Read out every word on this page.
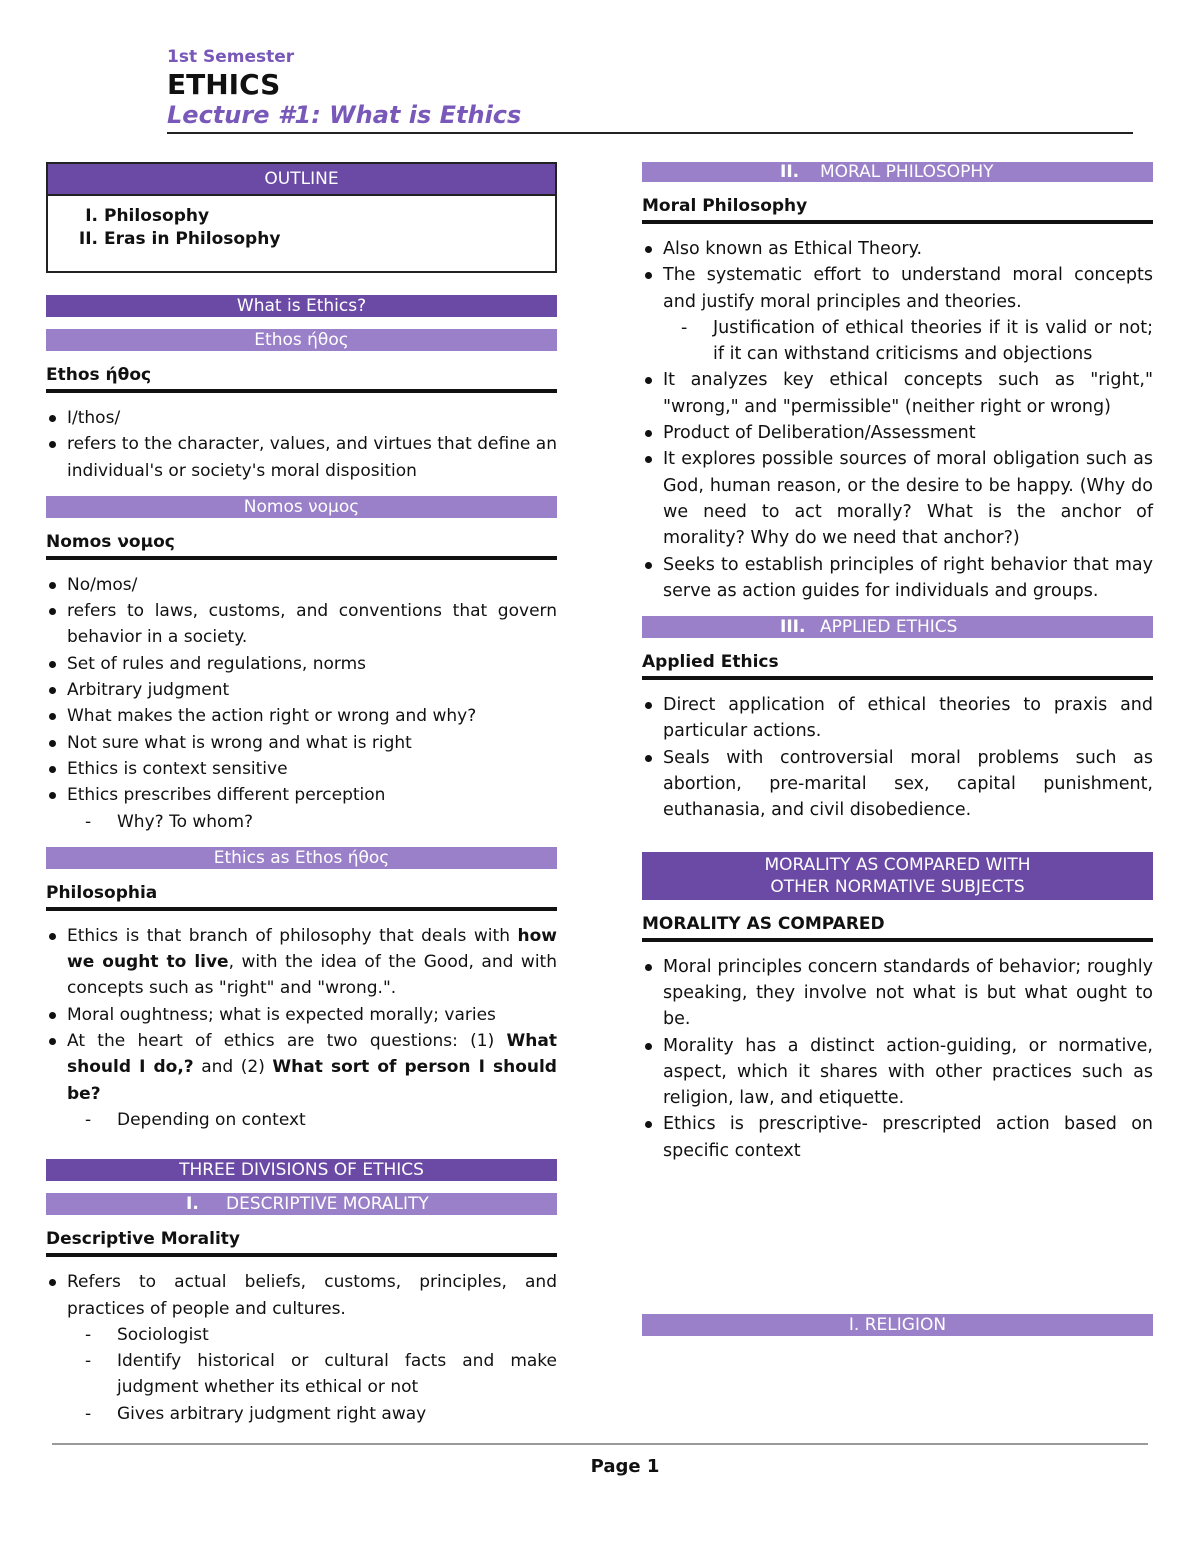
1st Semester
ETHICS
Lecture #1: What is Ethics
OUTLINE
I. Philosophy
II. Eras in Philosophy
What is Ethics?
Ethos ήθος
Ethos ήθος
I/thos/
refers to the character, values, and virtues that define an individual's or society's moral disposition
Nomos νομος
Nomos νομος
No/mos/
refers to laws, customs, and conventions that govern behavior in a society.
Set of rules and regulations, norms
Arbitrary judgment
What makes the action right or wrong and why?
Not sure what is wrong and what is right
Ethics is context sensitive
Ethics prescribes different perception
- Why? To whom?
Ethics as Ethos ήθος
Philosophia
Ethics is that branch of philosophy that deals with how we ought to live, with the idea of the Good, and with concepts such as "right" and "wrong.".
Moral oughtness; what is expected morally; varies
At the heart of ethics are two questions: (1) What should I do,? and (2) What sort of person I should be?
- Depending on context
THREE DIVISIONS OF ETHICS
I. DESCRIPTIVE MORALITY
Descriptive Morality
Refers to actual beliefs, customs, principles, and practices of people and cultures.
- Sociologist
- Identify historical or cultural facts and make judgment whether its ethical or not
- Gives arbitrary judgment right away
II. MORAL PHILOSOPHY
Moral Philosophy
Also known as Ethical Theory.
The systematic effort to understand moral concepts and justify moral principles and theories.
- Justification of ethical theories if it is valid or not; if it can withstand criticisms and objections
It analyzes key ethical concepts such as "right," "wrong," and "permissible" (neither right or wrong)
Product of Deliberation/Assessment
It explores possible sources of moral obligation such as God, human reason, or the desire to be happy. (Why do we need to act morally? What is the anchor of morality? Why do we need that anchor?)
Seeks to establish principles of right behavior that may serve as action guides for individuals and groups.
III. APPLIED ETHICS
Applied Ethics
Direct application of ethical theories to praxis and particular actions.
Seals with controversial moral problems such as abortion, pre-marital sex, capital punishment, euthanasia, and civil disobedience.
MORALITY AS COMPARED WITH
OTHER NORMATIVE SUBJECTS
MORALITY AS COMPARED
Moral principles concern standards of behavior; roughly speaking, they involve not what is but what ought to be.
Morality has a distinct action-guiding, or normative, aspect, which it shares with other practices such as religion, law, and etiquette.
Ethics is prescriptive- prescripted action based on specific context
I. RELIGION
Page 1
